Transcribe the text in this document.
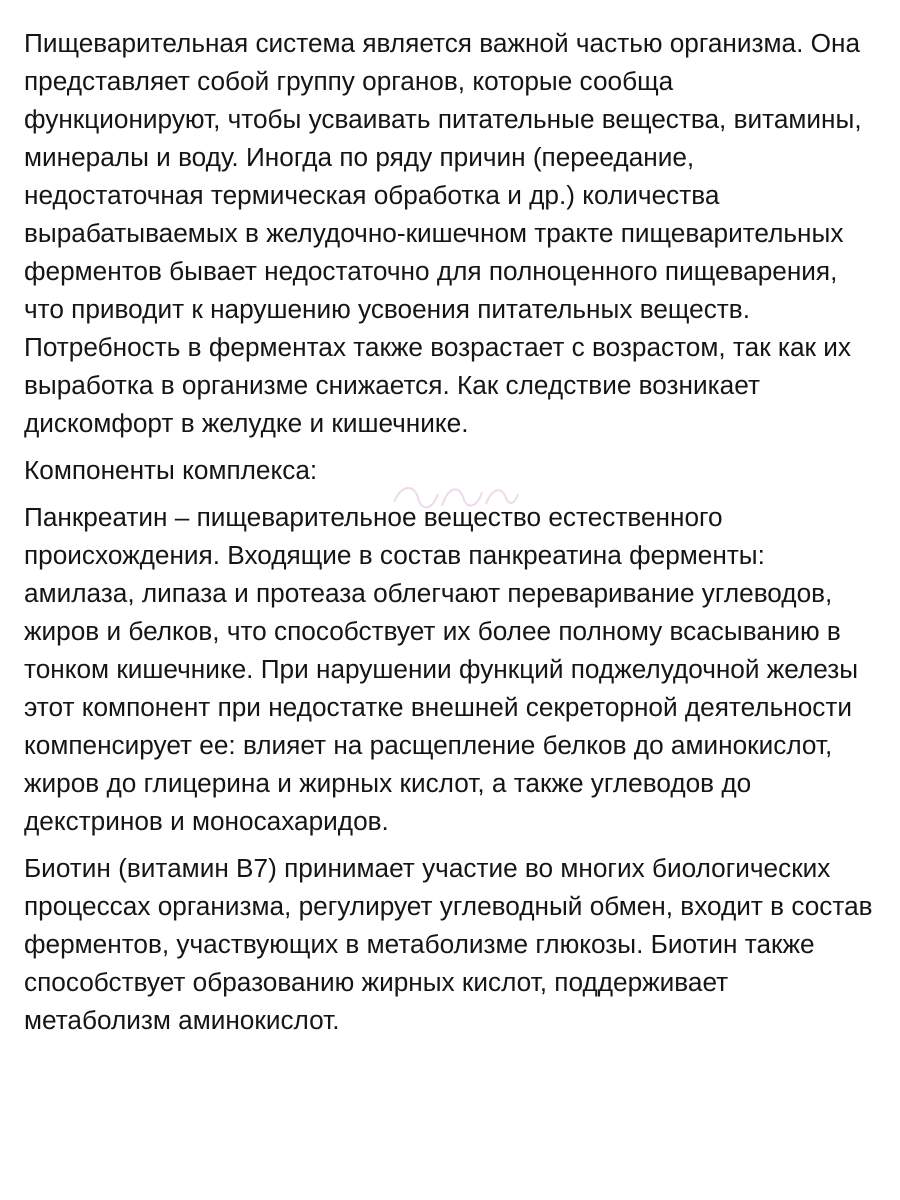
Пищеварительная система является важной частью организма. Она представляет собой группу органов, которые сообща функционируют, чтобы усваивать питательные вещества, витамины, минералы и воду. Иногда по ряду причин (переедание, недостаточная термическая обработка и др.) количества вырабатываемых в желудочно-кишечном тракте пищеварительных ферментов бывает недостаточно для полноценного пищеварения, что приводит к нарушению усвоения питательных веществ. Потребность в ферментах также возрастает с возрастом, так как их выработка в организме снижается. Как следствие возникает дискомфорт в желудке и кишечнике.

Компоненты комплекса:

Панкреатин – пищеварительное вещество естественного происхождения. Входящие в состав панкреатина ферменты: амилаза, липаза и протеаза облегчают переваривание углеводов, жиров и белков, что способствует их более полному всасыванию в тонком кишечнике. При нарушении функций поджелудочной железы этот компонент при недостатке внешней секреторной деятельности компенсирует ее: влияет на расщепление белков до аминокислот, жиров до глицерина и жирных кислот, а также углеводов до декстринов и моносахаридов.

Биотин (витамин В7) принимает участие во многих биологических процессах организма, регулирует углеводный обмен, входит в состав ферментов, участвующих в метаболизме глюкозы. Биотин также способствует образованию жирных кислот, поддерживает метаболизм аминокислот.
